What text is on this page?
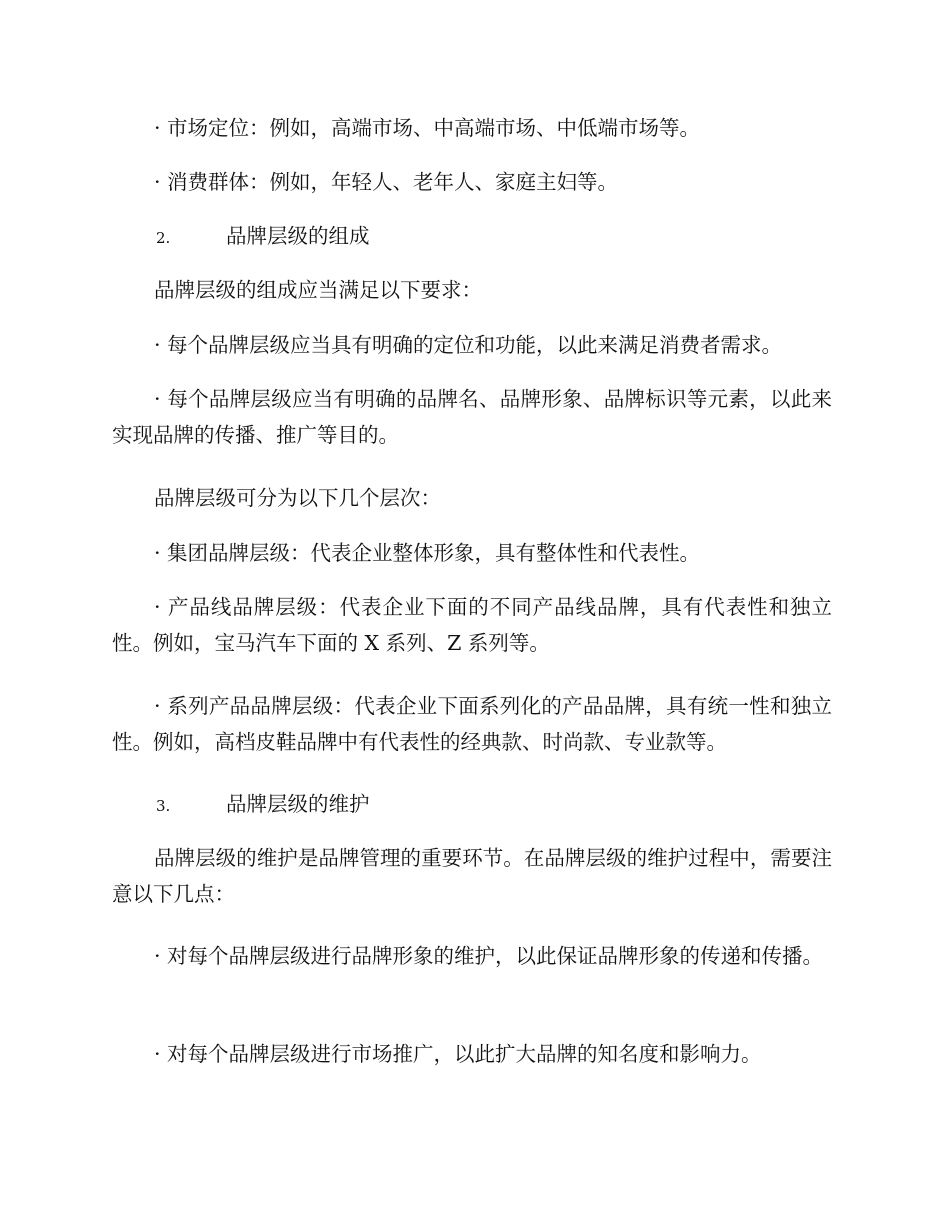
· 市场定位：例如，高端市场、中高端市场、中低端市场等。

· 消费群体：例如，年轻人、老年人、家庭主妇等。

2.	品牌层级的组成

品牌层级的组成应当满足以下要求：

· 每个品牌层级应当具有明确的定位和功能，以此来满足消费者需求。

· 每个品牌层级应当有明确的品牌名、品牌形象、品牌标识等元素，以此来实现品牌的传播、推广等目的。

品牌层级可分为以下几个层次：

· 集团品牌层级：代表企业整体形象，具有整体性和代表性。

· 产品线品牌层级：代表企业下面的不同产品线品牌，具有代表性和独立性。例如，宝马汽车下面的 X 系列、Z 系列等。

· 系列产品品牌层级：代表企业下面系列化的产品品牌，具有统一性和独立性。例如，高档皮鞋品牌中有代表性的经典款、时尚款、专业款等。

3.	品牌层级的维护

品牌层级的维护是品牌管理的重要环节。在品牌层级的维护过程中，需要注意以下几点：

· 对每个品牌层级进行品牌形象的维护，以此保证品牌形象的传递和传播。

· 对每个品牌层级进行市场推广，以此扩大品牌的知名度和影响力。
